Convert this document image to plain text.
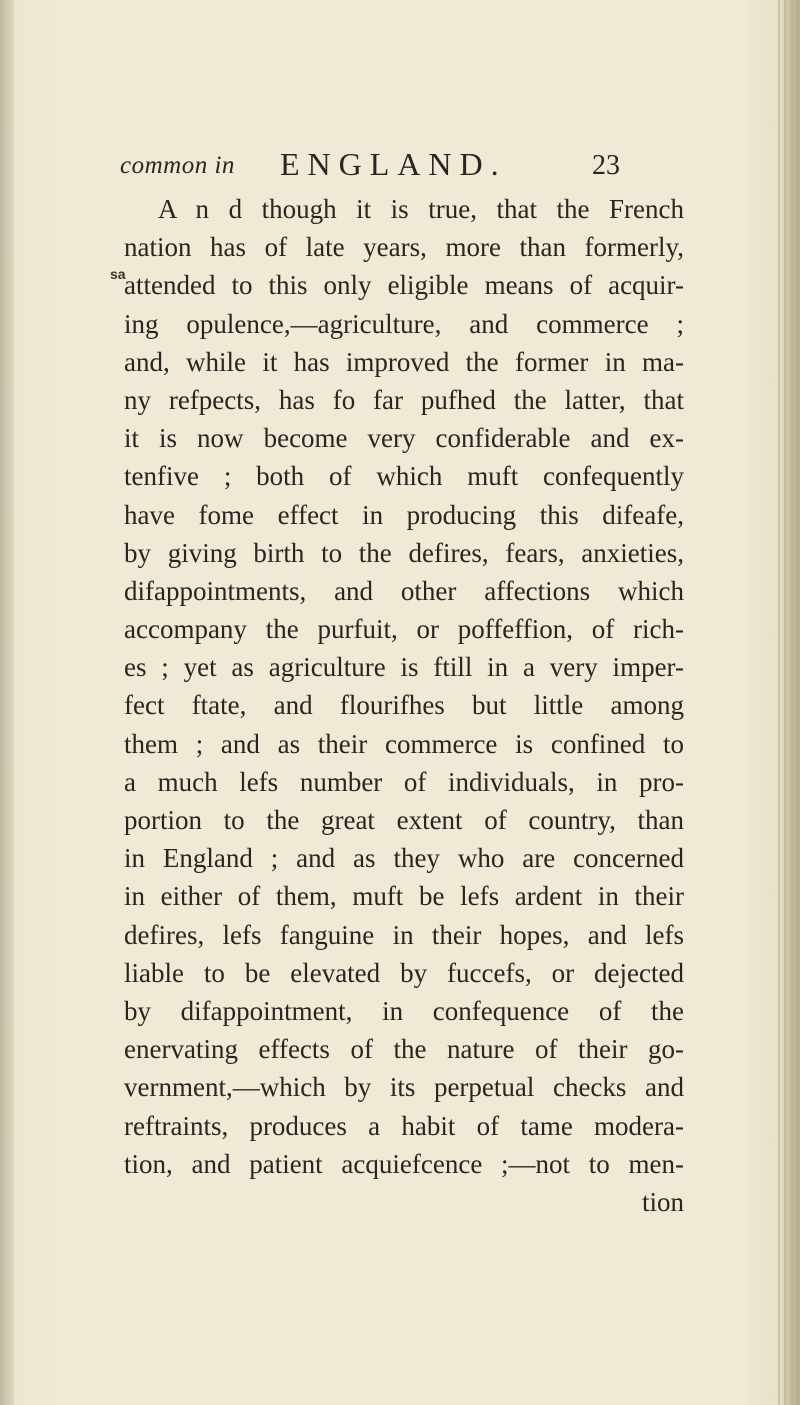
common in ENGLAND.	23
sa
A n d though it is true, that the French
nation has of late years, more than formerly,
attended to this only eligible means of acquir-
ing opulence,—agriculture, and commerce ;
and, while it has improved the former in ma-
ny refpects, has fo far pufhed the latter, that
it is now become very confiderable and ex-
tenfive ; both of which muft confequently
have fome effect in producing this difeafe,
by giving birth to the defires, fears, anxieties,
difappointments, and other affections which
accompany the purfuit, or poffeffion, of rich-
es ; yet as agriculture is ftill in a very imper-
fect ftate, and flourifhes but little among
them ; and as their commerce is confined to
a much lefs number of individuals, in pro-
portion to the great extent of country, than
in England ; and as they who are concerned
in either of them, muft be lefs ardent in their
defires, lefs fanguine in their hopes, and lefs
liable to be elevated by fuccefs, or dejected
by difappointment, in confequence of the
enervating effects of the nature of their go-
vernment,—which by its perpetual checks and
reftraints, produces a habit of tame modera-
tion, and patient acquiefcence ;—not to men-
tion
